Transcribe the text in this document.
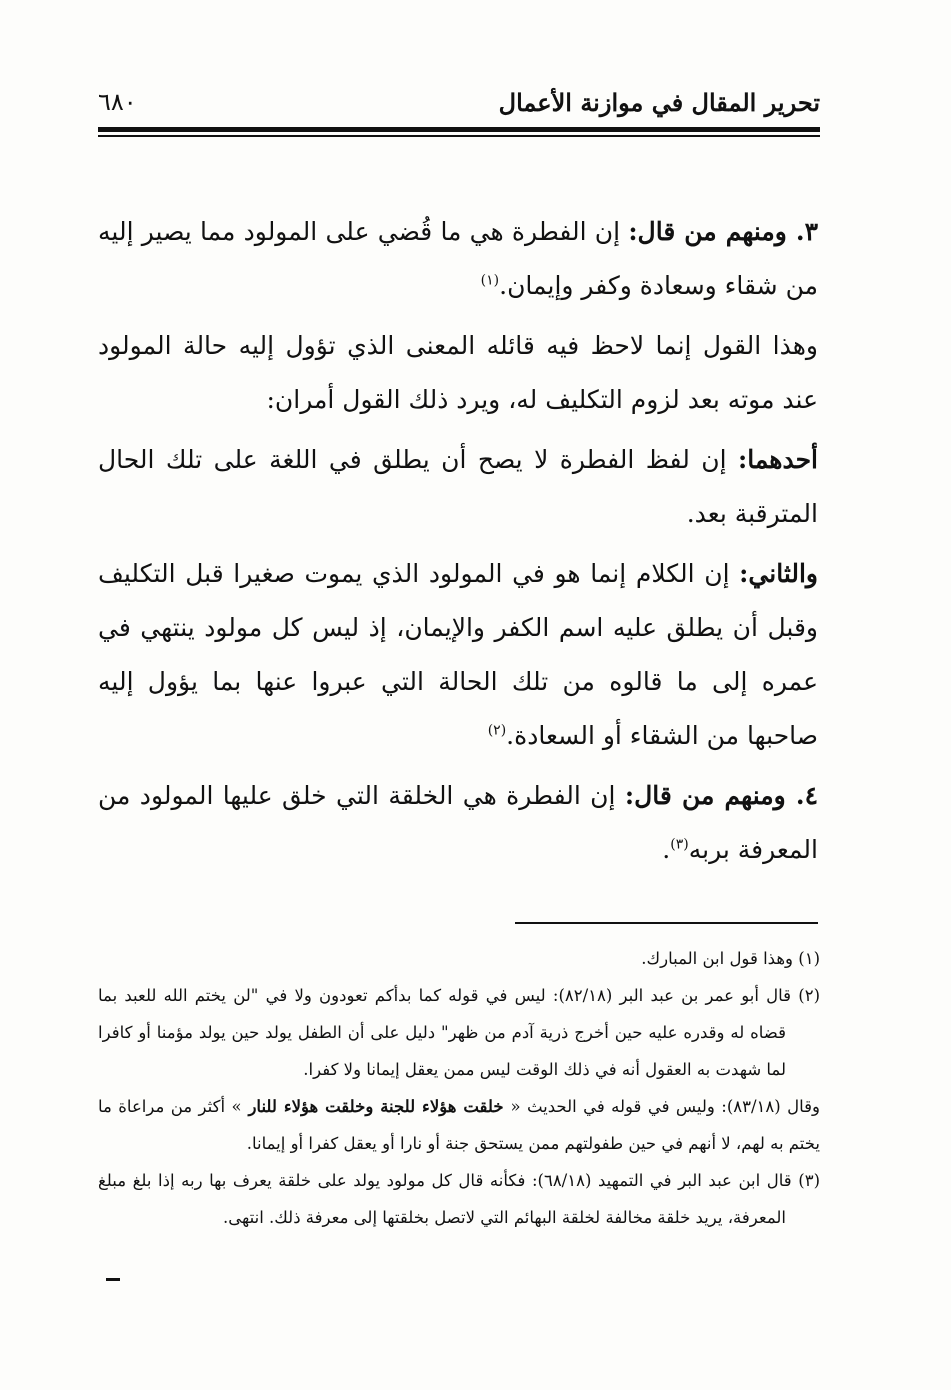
تحرير المقال في موازنة الأعمال
٦٨٠

٣. ومنهم من قال: إن الفطرة هي ما قُضي على المولود مما يصير إليه من شقاء وسعادة وكفر وإيمان.$^{(١)}$

وهذا القول إنما لاحظ فيه قائله المعنى الذي تؤول إليه حالة المولود عند موته بعد لزوم التكليف له، ويرد ذلك القول أمران:

أحدهما: إن لفظ الفطرة لا يصح أن يطلق في اللغة على تلك الحال المترقبة بعد.

والثاني: إن الكلام إنما هو في المولود الذي يموت صغيرا قبل التكليف وقبل أن يطلق عليه اسم الكفر والإيمان، إذ ليس كل مولود ينتهي في عمره إلى ما قالوه من تلك الحالة التي عبروا عنها بما يؤول إليه صاحبها من الشقاء أو السعادة.$^{(٢)}$

٤. ومنهم من قال: إن الفطرة هي الخلقة التي خلق عليها المولود من المعرفة بربه$^{(٣)}$.

(١) وهذا قول ابن المبارك.

(٢) قال أبو عمر بن عبد البر (٨٢/١٨): ليس في قوله كما بدأكم تعودون ولا في "لن يختم الله للعبد بما قضاه له وقدره عليه حين أخرج ذرية آدم من ظهر" دليل على أن الطفل يولد حين يولد مؤمنا أو كافرا لما شهدت به العقول أنه في ذلك الوقت ليس ممن يعقل إيمانا ولا كفرا.

وقال (٨٣/١٨): وليس في قوله في الحديث « خلقت هؤلاء للجنة وخلقت هؤلاء للنار » أكثر من مراعاة ما يختم به لهم، لا أنهم في حين طفولتهم ممن يستحق جنة أو نارا أو يعقل كفرا أو إيمانا.

(٣) قال ابن عبد البر في التمهيد (٦٨/١٨): فكأنه قال كل مولود يولد على خلقة يعرف بها ربه إذا بلغ مبلغ المعرفة، يريد خلقة مخالفة لخلقة البهائم التي لاتصل بخلقتها إلى معرفة ذلك. انتهى.
